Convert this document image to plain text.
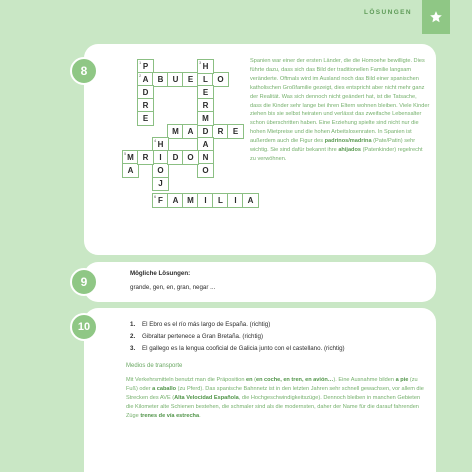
LÖSUNGEN
8	P
1
A
2 B U E L O
D
R
E
M A D R E
H
3
E
R
M
A
N
O
H
4
I
J
O
M
5
A
R	D O
F
6 A M I L I A
Spanien war einer der ersten Länder, die die Homoehe bewilligte. Dies führte dazu, dass sich das Bild der traditionellen Familie langsam veränderte. Oftmals wird im Ausland noch das Bild einer spanischen katholischen Großfamilie gezeigt, dies entspricht aber nicht mehr ganz der Realität. Was sich dennoch nicht geändert hat, ist die Tatsache, dass die Kinder sehr lange bei ihren Eltern wohnen bleiben. Viele Kinder ziehen bis sie selbst heiraten und verlässt das zweifache Lebensalter schon überschritten haben. Eine Erziehung spielte sind nicht nur die hohen Mietpreise und die hohen Arbeitslosenraten. In Spanien ist außerdem auch die Figur des padrinos/madrina (Pate/Patin) sehr wichtig. Sie sind dafür bekannt ihre ahijados (Patenkinder) regelrecht zu verwöhnen.
9
Mögliche Lösungen:
grande, gen, en, gran, negar ...
10	1. El Ebro es el río más largo de España. (richtig)
2. Gibraltar pertenece a Gran Bretaña. (richtig)
3. El gallego es la lengua cooficial de Galicia junto con el castellano. (richtig)
Medios de transporte
Mit Verkehrsmitteln benutzt man die Präposition en (en coche, en tren, en avión…). Eine Ausnahme bilden a pie (zu Fuß) oder a caballo (zu Pferd). Das spanische Bahnnetz ist in den letzten Jahren sehr schnell gewachsen, vor allem die Strecken des AVE (Alta Velocidad Española, die Hochgeschwindigkeitszüge). Dennoch bleiben in manchen Gebieten die Kilometer alte Schienen bestehen, die schmaler sind als die modernsten, daher der Name für die darauf fahrenden Züge trenes de vía estrecha.
